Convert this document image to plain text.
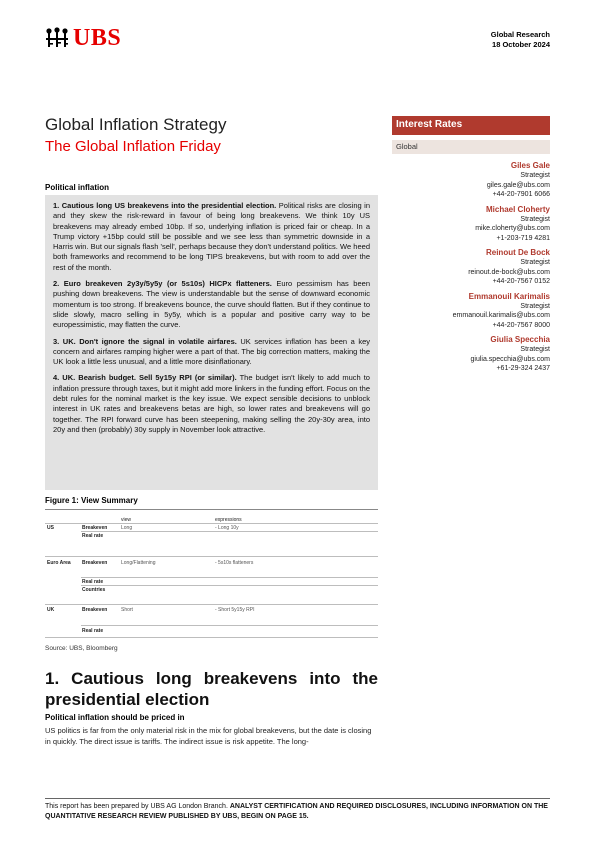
UBS	Global Research
18 October 2024
Global Inflation Strategy
The Global Inflation Friday
Interest Rates
Global
Giles Gale
Strategist
giles.gale@ubs.com
+44-20-7901 6066
Michael Cloherty
Strategist
mike.cloherty@ubs.com
+1-203-719 4281
Reinout De Bock
Strategist
reinout.de-bock@ubs.com
+44-20-7567 0152
Emmanouil Karimalis
Strategist
emmanouil.karimalis@ubs.com
+44-20-7567 8000
Giulia Specchia
Strategist
giulia.specchia@ubs.com
+61-29-324 2437
Political inflation

1. Cautious long US breakevens into the presidential election. Political risks are closing in and they skew the risk-reward in favour of being long breakevens. We think 10y US breakevens may already embed 10bp. If so, underlying inflation is priced fair or cheap. In a Trump victory +15bp could still be possible and we see less than symmetric downside in a Harris win. But our signals flash 'sell', perhaps because they don't understand politics. We heed both frameworks and recommend to be long TIPS breakevens, but with room to add over the rest of the month.

2. Euro breakeven 2y3y/5y5y (or 5s10s) HICPx flatteners. Euro pessimism has been pushing down breakevens. The view is understandable but the sense of downward economic momentum is too strong. If breakevens bounce, the curve should flatten. But if they continue to slide slowly, macro selling in 5y5y, which is a popular and positive carry way to be europessimistic, may flatten the curve.

3. UK. Don't ignore the signal in volatile airfares. UK services inflation has been a key concern and airfares ramping higher were a part of that. The big correction matters, making the UK look a little less unusual, and a little more disinflationary.

4. UK. Bearish budget. Sell 5y15y RPI (or similar). The budget isn't likely to add much to inflation pressure through taxes, but it might add more linkers in the funding effort. Focus on the debt rules for the nominal market is the key issue. We expect sensible decisions to unblock interest in UK rates and breakevens betas are high, so lower rates and breakevens will go together. The RPI forward curve has been steepening, making selling the 20y-30y area, into 20y and then (probably) 30y supply in November look attractive.

Figure 1: View Summary
view	expressions
US	Breakeven	Long	- Long 10y
Real rate
Euro Area Breakeven	Long/Flattening	- 5s10s flatteners
Real rate
Countries
UK	Breakeven	Short	- Short 5y15y RPI
Real rate
Source: UBS, Bloomberg
1. Cautious long breakevens into the presidential election
Political inflation should be priced in
US politics is far from the only material risk in the mix for global breakevens, but the date is closing in quickly. The direct issue is tariffs. The indirect issue is risk appetite. The long-
This report has been prepared by UBS AG London Branch. ANALYST CERTIFICATION AND REQUIRED DISCLOSURES, INCLUDING INFORMATION ON THE QUANTITATIVE RESEARCH REVIEW PUBLISHED BY UBS, BEGIN ON PAGE 15.
